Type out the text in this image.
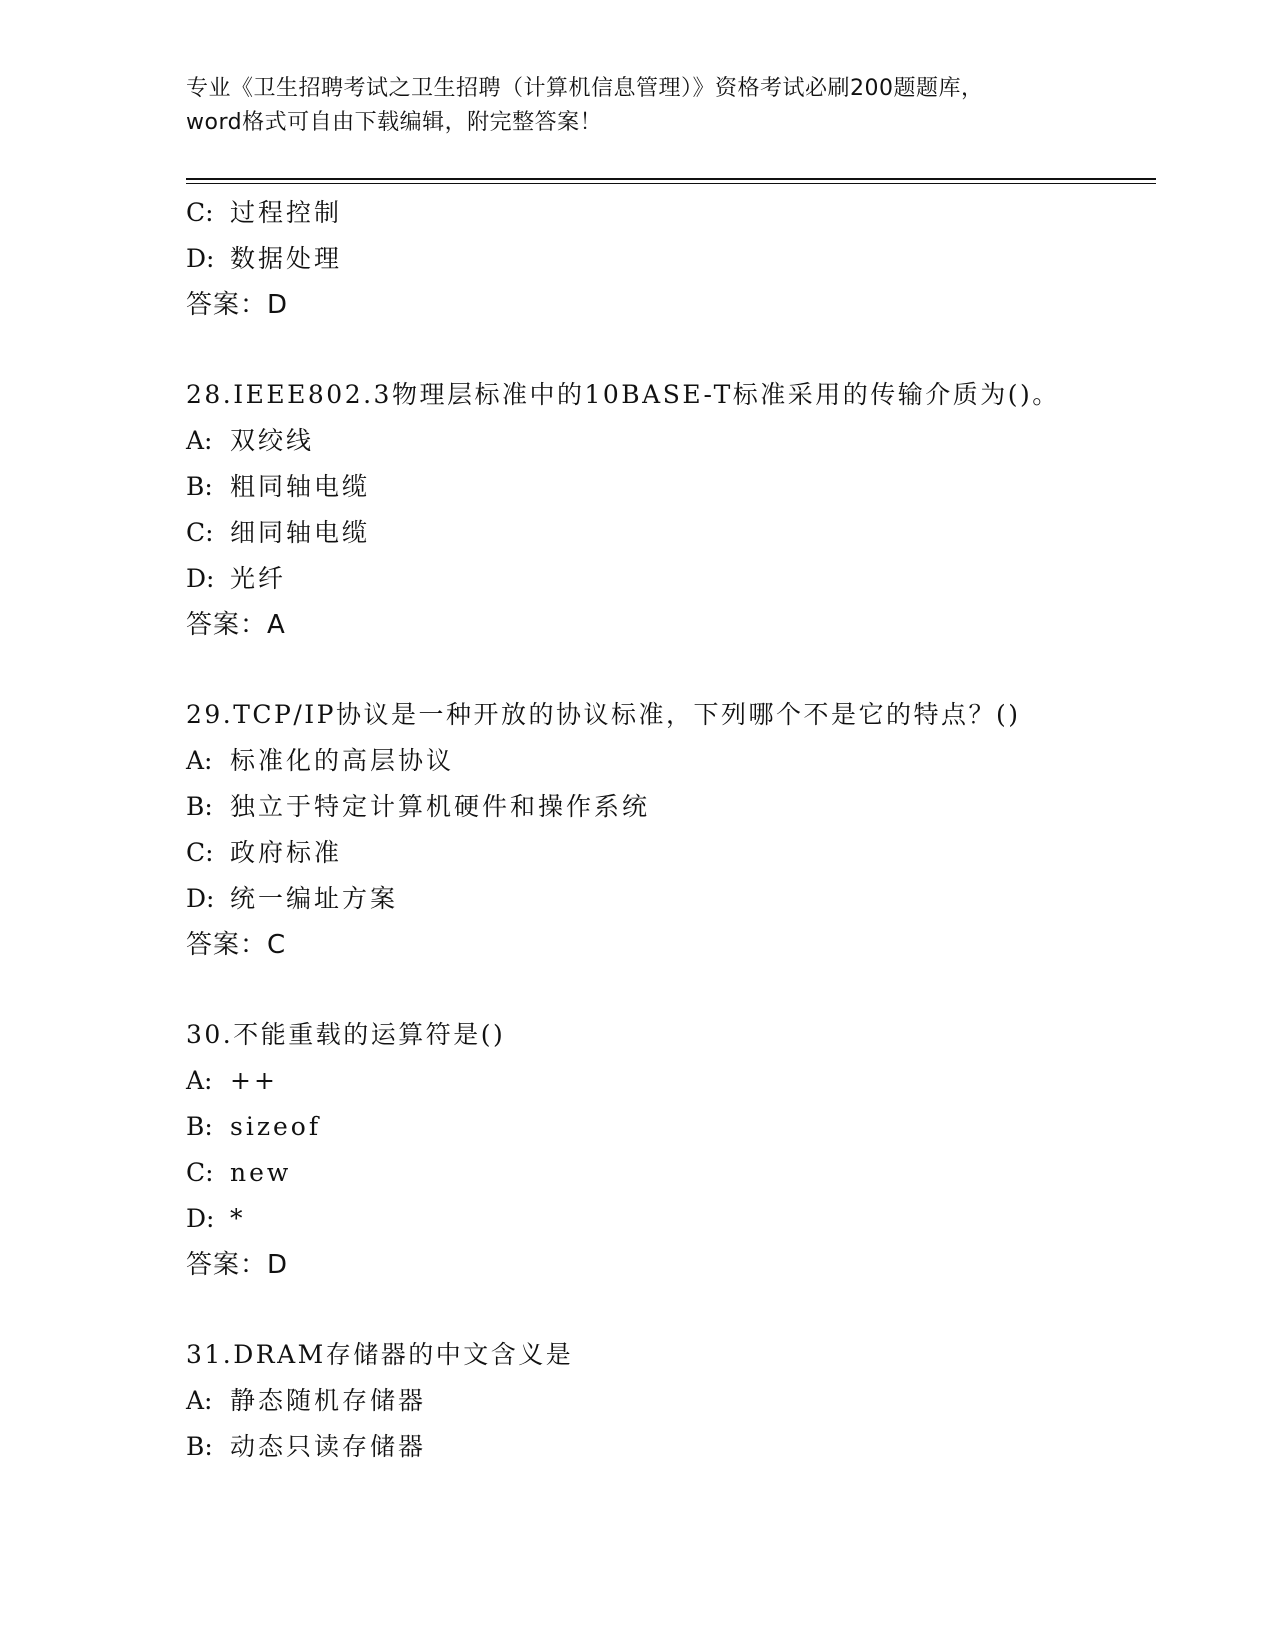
专业《卫生招聘考试之卫生招聘（计算机信息管理）》资格考试必刷200题题库，
word格式可自由下载编辑，附完整答案！
C: 过程控制
D: 数据处理
答案：D
28.IEEE802.3物理层标准中的10BASE-T标准采用的传输介质为()。
A: 双绞线
B: 粗同轴电缆
C: 细同轴电缆
D: 光纤
答案：A
29.TCP/IP协议是一种开放的协议标准，下列哪个不是它的特点？()
A: 标准化的高层协议
B: 独立于特定计算机硬件和操作系统
C: 政府标准
D: 统一编址方案
答案：C
30.不能重载的运算符是()
A: ++
B: sizeof
C: new
D: *
答案：D
31.DRAM存储器的中文含义是
A: 静态随机存储器
B: 动态只读存储器
